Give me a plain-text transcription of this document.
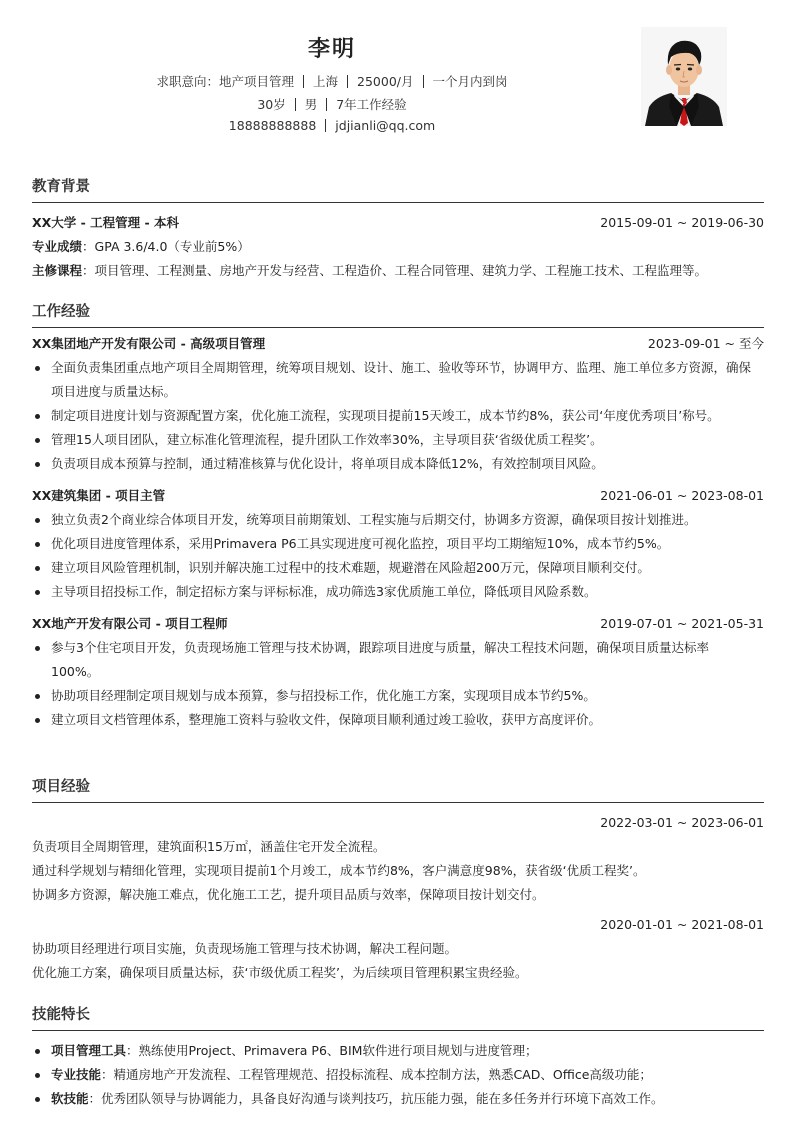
李明
求职意向：地产项目管理 上海 25000/月 一个月内到岗
30岁 男 7年工作经验
18888888888 jdjianli@qq.com
教育背景
XX大学 - 工程管理 - 本科	2015-09-01 ~ 2019-06-30
专业成绩：GPA 3.6/4.0（专业前5%）
主修课程：项目管理、工程测量、房地产开发与经营、工程造价、工程合同管理、建筑力学、工程施工技术、工程监理等。
工作经验
XX集团地产开发有限公司 - 高级项目管理	2023-09-01 ~ 至今
全面负责集团重点地产项目全周期管理，统筹项目规划、设计、施工、验收等环节，协调甲方、监理、施工单位多方资源，确保项目进度与质量达标。
制定项目进度计划与资源配置方案，优化施工流程，实现项目提前15天竣工，成本节约8%，获公司‘年度优秀项目’称号。
管理15人项目团队，建立标准化管理流程，提升团队工作效率30%，主导项目获‘省级优质工程奖’。
负责项目成本预算与控制，通过精准核算与优化设计，将单项目成本降低12%，有效控制项目风险。
XX建筑集团 - 项目主管	2021-06-01 ~ 2023-08-01
独立负责2个商业综合体项目开发，统筹项目前期策划、工程实施与后期交付，协调多方资源，确保项目按计划推进。
优化项目进度管理体系，采用Primavera P6工具实现进度可视化监控，项目平均工期缩短10%，成本节约5%。
建立项目风险管理机制，识别并解决施工过程中的技术难题，规避潜在风险超200万元，保障项目顺利交付。
主导项目招投标工作，制定招标方案与评标标准，成功筛选3家优质施工单位，降低项目风险系数。
XX地产开发有限公司 - 项目工程师	2019-07-01 ~ 2021-05-31
参与3个住宅项目开发，负责现场施工管理与技术协调，跟踪项目进度与质量，解决工程技术问题，确保项目质量达标率100%。
协助项目经理制定项目规划与成本预算，参与招投标工作，优化施工方案，实现项目成本节约5%。
建立项目文档管理体系，整理施工资料与验收文件，保障项目顺利通过竣工验收，获甲方高度评价。
项目经验
2022-03-01 ~ 2023-06-01
负责项目全周期管理，建筑面积15万㎡，涵盖住宅开发全流程。
通过科学规划与精细化管理，实现项目提前1个月竣工，成本节约8%，客户满意度98%，获省级‘优质工程奖’。
协调多方资源，解决施工难点，优化施工工艺，提升项目品质与效率，保障项目按计划交付。
2020-01-01 ~ 2021-08-01
协助项目经理进行项目实施，负责现场施工管理与技术协调，解决工程问题。
优化施工方案，确保项目质量达标，获‘市级优质工程奖’，为后续项目管理积累宝贵经验。
技能特长
项目管理工具：熟练使用Project、Primavera P6、BIM软件进行项目规划与进度管理；
专业技能：精通房地产开发流程、工程管理规范、招投标流程、成本控制方法，熟悉CAD、Office高级功能；
软技能：优秀团队领导与协调能力，具备良好沟通与谈判技巧，抗压能力强，能在多任务并行环境下高效工作。
